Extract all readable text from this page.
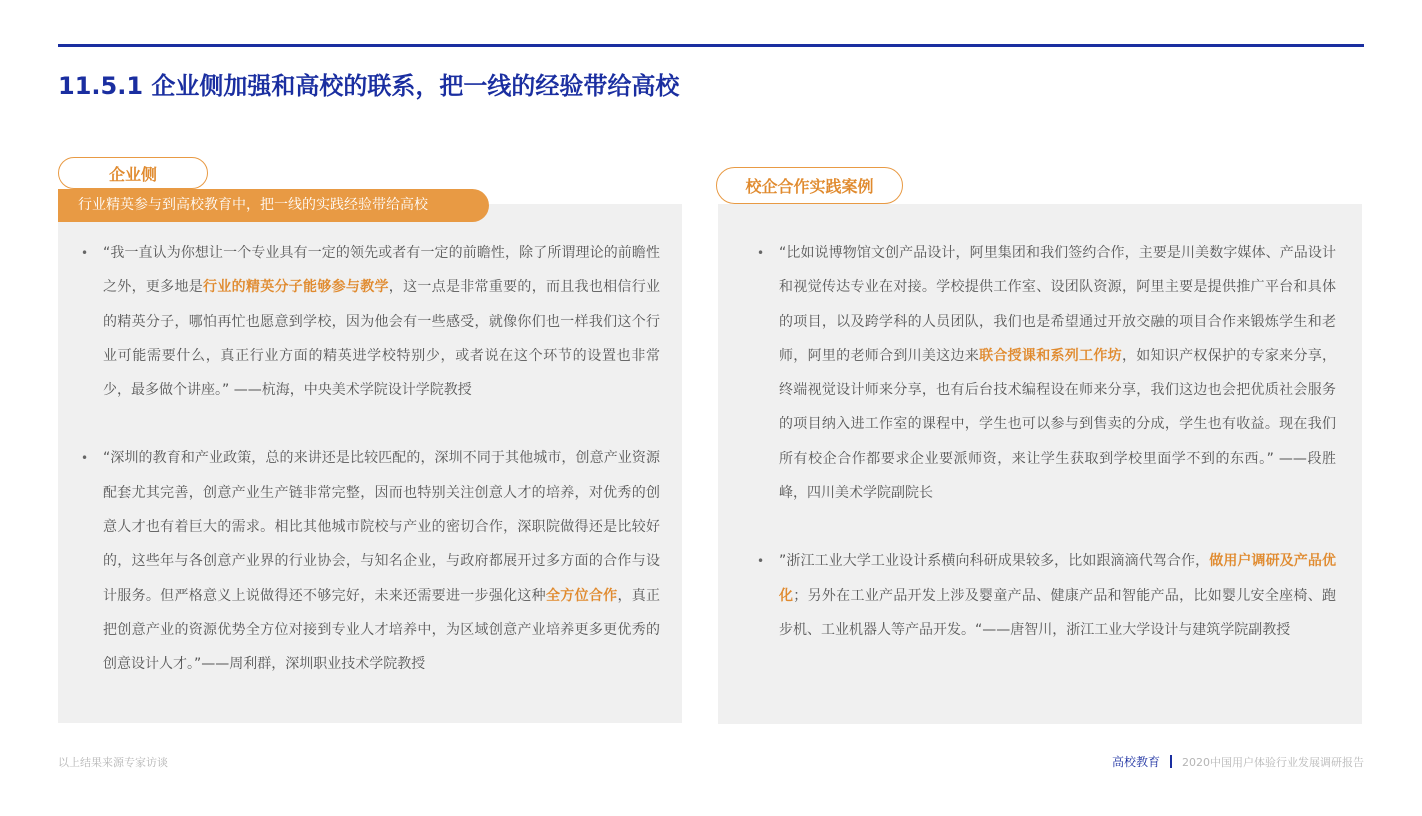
11.5.1 企业侧加强和高校的联系，把一线的经验带给高校
企业侧
行业精英参与到高校教育中，把一线的实践经验带给高校
• “我一直认为你想让一个专业具有一定的领先或者有一定的前瞻性，除了所谓理论的前瞻性之外，更多地是行业的精英分子能够参与教学，这一点是非常重要的，而且我也相信行业的精英分子，哪怕再忙也愿意到学校，因为他会有一些感受，就像你们也一样我们这个行业可能需要什么，真正行业方面的精英进学校特别少，或者说在这个环节的设置也非常少，最多做个讲座。” ——杭海，中央美术学院设计学院教授
• “深圳的教育和产业政策，总的来讲还是比较匹配的，深圳不同于其他城市，创意产业资源配套尤其完善，创意产业生产链非常完整，因而也特别关注创意人才的培养，对优秀的创意人才也有着巨大的需求。相比其他城市院校与产业的密切合作，深职院做得还是比较好的，这些年与各创意产业界的行业协会，与知名企业，与政府都展开过多方面的合作与设计服务。但严格意义上说做得还不够完好，未来还需要进一步强化这种全方位合作，真正把创意产业的资源优势全方位对接到专业人才培养中，为区域创意产业培养更多更优秀的创意设计人才。”——周利群，深圳职业技术学院教授
校企合作实践案例
• “比如说博物馆文创产品设计，阿里集团和我们签约合作，主要是川美数字媒体、产品设计和视觉传达专业在对接。学校提供工作室、设团队资源，阿里主要是提供推广平台和具体的项目，以及跨学科的人员团队，我们也是希望通过开放交融的项目合作来锻炼学生和老师，阿里的老师合到川美这边来联合授课和系列工作坊，如知识产权保护的专家来分享，终端视觉设计师来分享，也有后台技术编程设在师来分享，我们这边也会把优质社会服务的项目纳入进工作室的课程中，学生也可以参与到售卖的分成，学生也有收益。现在我们所有校企合作都要求企业要派师资，来让学生获取到学校里面学不到的东西。” ——段胜峰，四川美术学院副院长
• ”浙江工业大学工业设计系横向科研成果较多，比如跟滴滴代驾合作，做用户调研及产品优化；另外在工业产品开发上涉及婴童产品、健康产品和智能产品，比如婴儿安全座椅、跑步机、工业机器人等产品开发。“——唐智川，浙江工业大学设计与建筑学院副教授
以上结果来源专家访谈	高校教育 2020中国用户体验行业发展调研报告
